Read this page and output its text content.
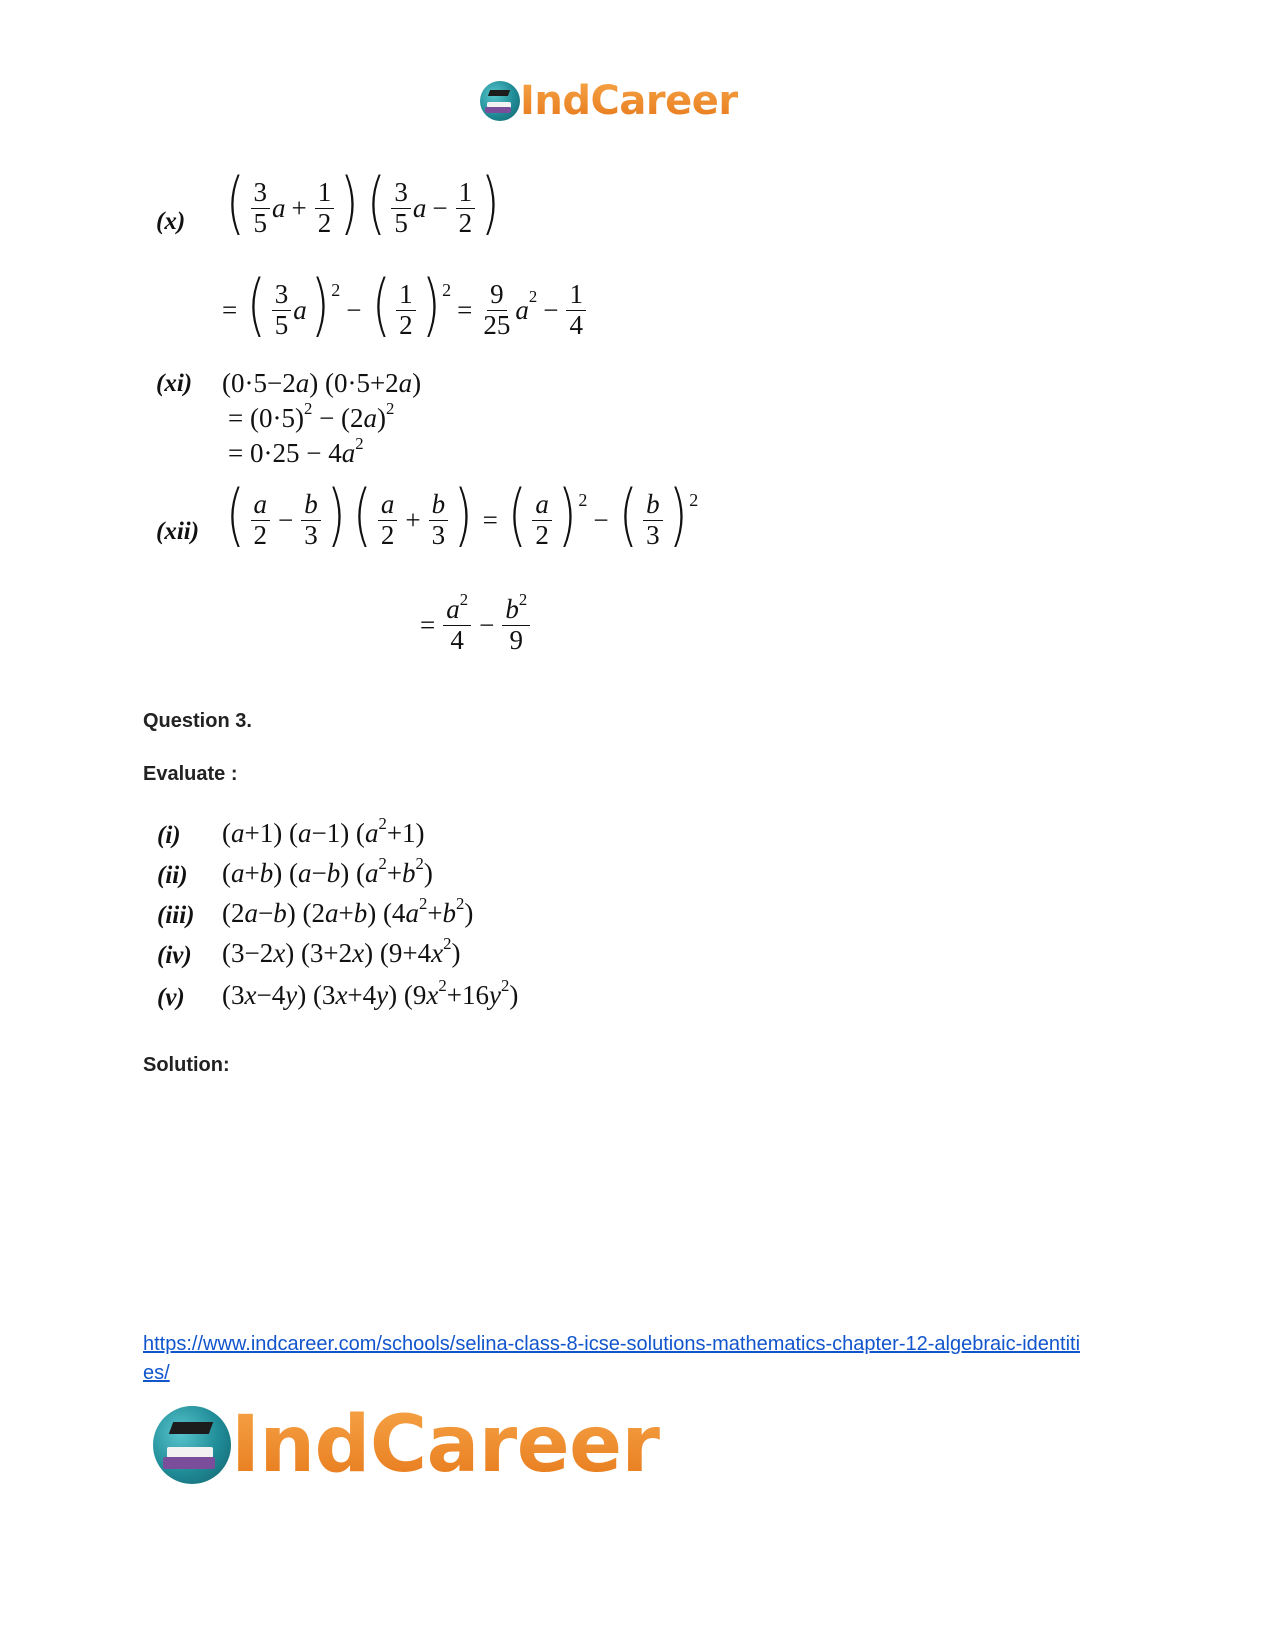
IndCareer
(x) ( $\frac{3}{5}$ $a + \frac{1}{2}$ ) ( $\frac{3}{5}$ $a - \frac{1}{2}$ )
= ( $\frac{3}{5}$ a ) 2
− ( $\frac{1}{2}$ ) 2
= $\frac{9}{25} a^2 - \frac{1}{4}$
(xi) (0·5−2a) (0·5+2a)
= $(0\cdot 5)^2 - (2a)^2$
= $0\cdot 25 - 4a^2$
(xii) ( $\frac{a}{2} - \frac{b}{3}$ ) ( $\frac{a}{2} + \frac{b}{3}$ ) = ( $\frac{a}{2}$ ) 2
− ( $\frac{b}{3}$ ) 2
= $\frac{a^2}{4} - \frac{b^2}{9}$
Question 3.
Evaluate :
(i) (a+1) (a−1) $(a^2+1)$
(ii) (a+b) (a−b) $(a^2+b^2)$
(iii) (2a−b) (2a+b) $(4a^2+b^2)$
(iv) (3−2x) (3+2x) $(9+4x^2)$
(v) (3x−4y) (3x+4y) $(9x^2+16y^2)$
Solution:
https://www.indcareer.com/schools/selina-class-8-icse-solutions-mathematics-chapter-12-algebraic-identities/
IndCareer
